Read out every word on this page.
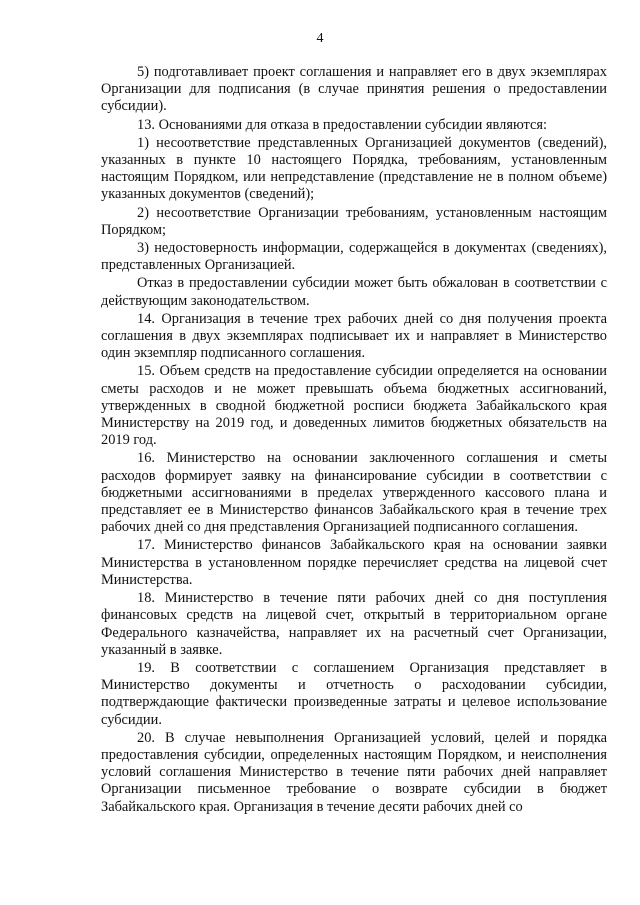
4

5) подготавливает проект соглашения и направляет его в двух экземплярах Организации для подписания (в случае принятия решения о предоставлении субсидии).

13. Основаниями для отказа в предоставлении субсидии являются:

1) несоответствие представленных Организацией документов (сведений), указанных в пункте 10 настоящего Порядка, требованиям, установленным настоящим Порядком, или непредставление (представление не в полном объеме) указанных документов (сведений);

2) несоответствие Организации требованиям, установленным настоящим Порядком;

3) недостоверность информации, содержащейся в документах (сведениях), представленных Организацией.

Отказ в предоставлении субсидии может быть обжалован в соответствии с действующим законодательством.

14. Организация в течение трех рабочих дней со дня получения проекта соглашения в двух экземплярах подписывает их и направляет в Министерство один экземпляр подписанного соглашения.

15. Объем средств на предоставление субсидии определяется на основании сметы расходов и не может превышать объема бюджетных ассигнований, утвержденных в сводной бюджетной росписи бюджета Забайкальского края Министерству на 2019 год, и доведенных лимитов бюджетных обязательств на 2019 год.

16. Министерство на основании заключенного соглашения и сметы расходов формирует заявку на финансирование субсидии в соответствии с бюджетными ассигнованиями в пределах утвержденного кассового плана и представляет ее в Министерство финансов Забайкальского края в течение трех рабочих дней со дня представления Организацией подписанного соглашения.

17. Министерство финансов Забайкальского края на основании заявки Министерства в установленном порядке перечисляет средства на лицевой счет Министерства.

18. Министерство в течение пяти рабочих дней со дня поступления финансовых средств на лицевой счет, открытый в территориальном органе Федерального казначейства, направляет их на расчетный счет Организации, указанный в заявке.

19. В соответствии с соглашением Организация представляет в Министерство документы и отчетность о расходовании субсидии, подтверждающие фактически произведенные затраты и целевое использование субсидии.

20. В случае невыполнения Организацией условий, целей и порядка предоставления субсидии, определенных настоящим Порядком, и неисполнения условий соглашения Министерство в течение пяти рабочих дней направляет Организации письменное требование о возврате субсидии в бюджет Забайкальского края. Организация в течение десяти рабочих дней со
